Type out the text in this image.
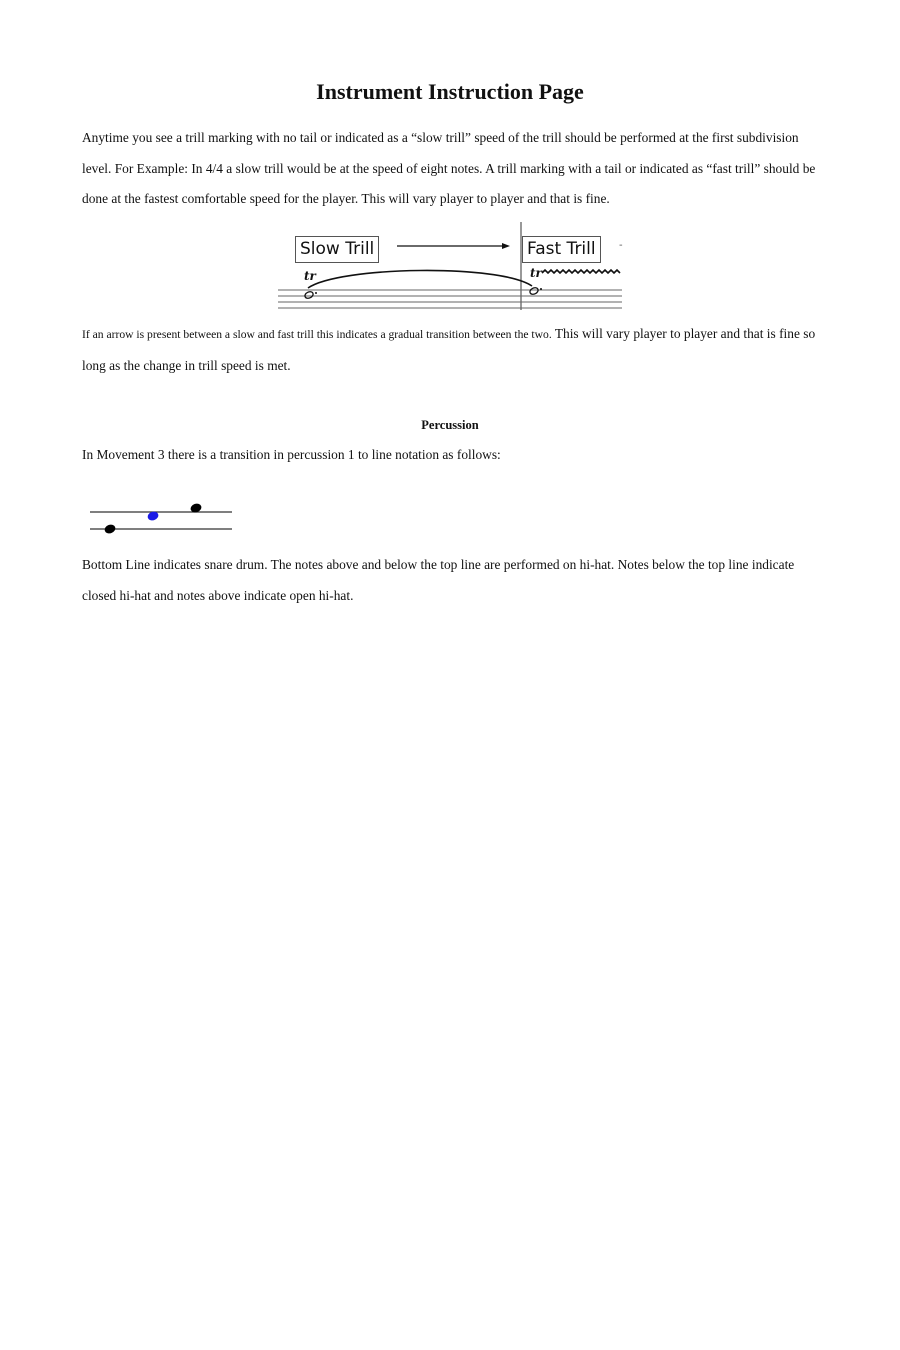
Instrument Instruction Page

Anytime you see a trill marking with no tail or indicated as a “slow trill” speed of the trill should be performed at the first subdivision level. For Example: In 4/4 a slow trill would be at the speed of eight notes. A trill marking with a tail or indicated as “fast trill” should be done at the fastest comfortable speed for the player. This will vary player to player and that is fine.

tr	tr
-
Slow Trill	Fast Trill

If an arrow is present between a slow and fast trill this indicates a gradual transition between the two. This will vary player to player and that is fine so long as the change in trill speed is met.

Percussion

In Movement 3 there is a transition in percussion 1 to line notation as follows:

Bottom Line indicates snare drum. The notes above and below the top line are performed on hi-hat. Notes below the top line indicate closed hi-hat and notes above indicate open hi-hat.
